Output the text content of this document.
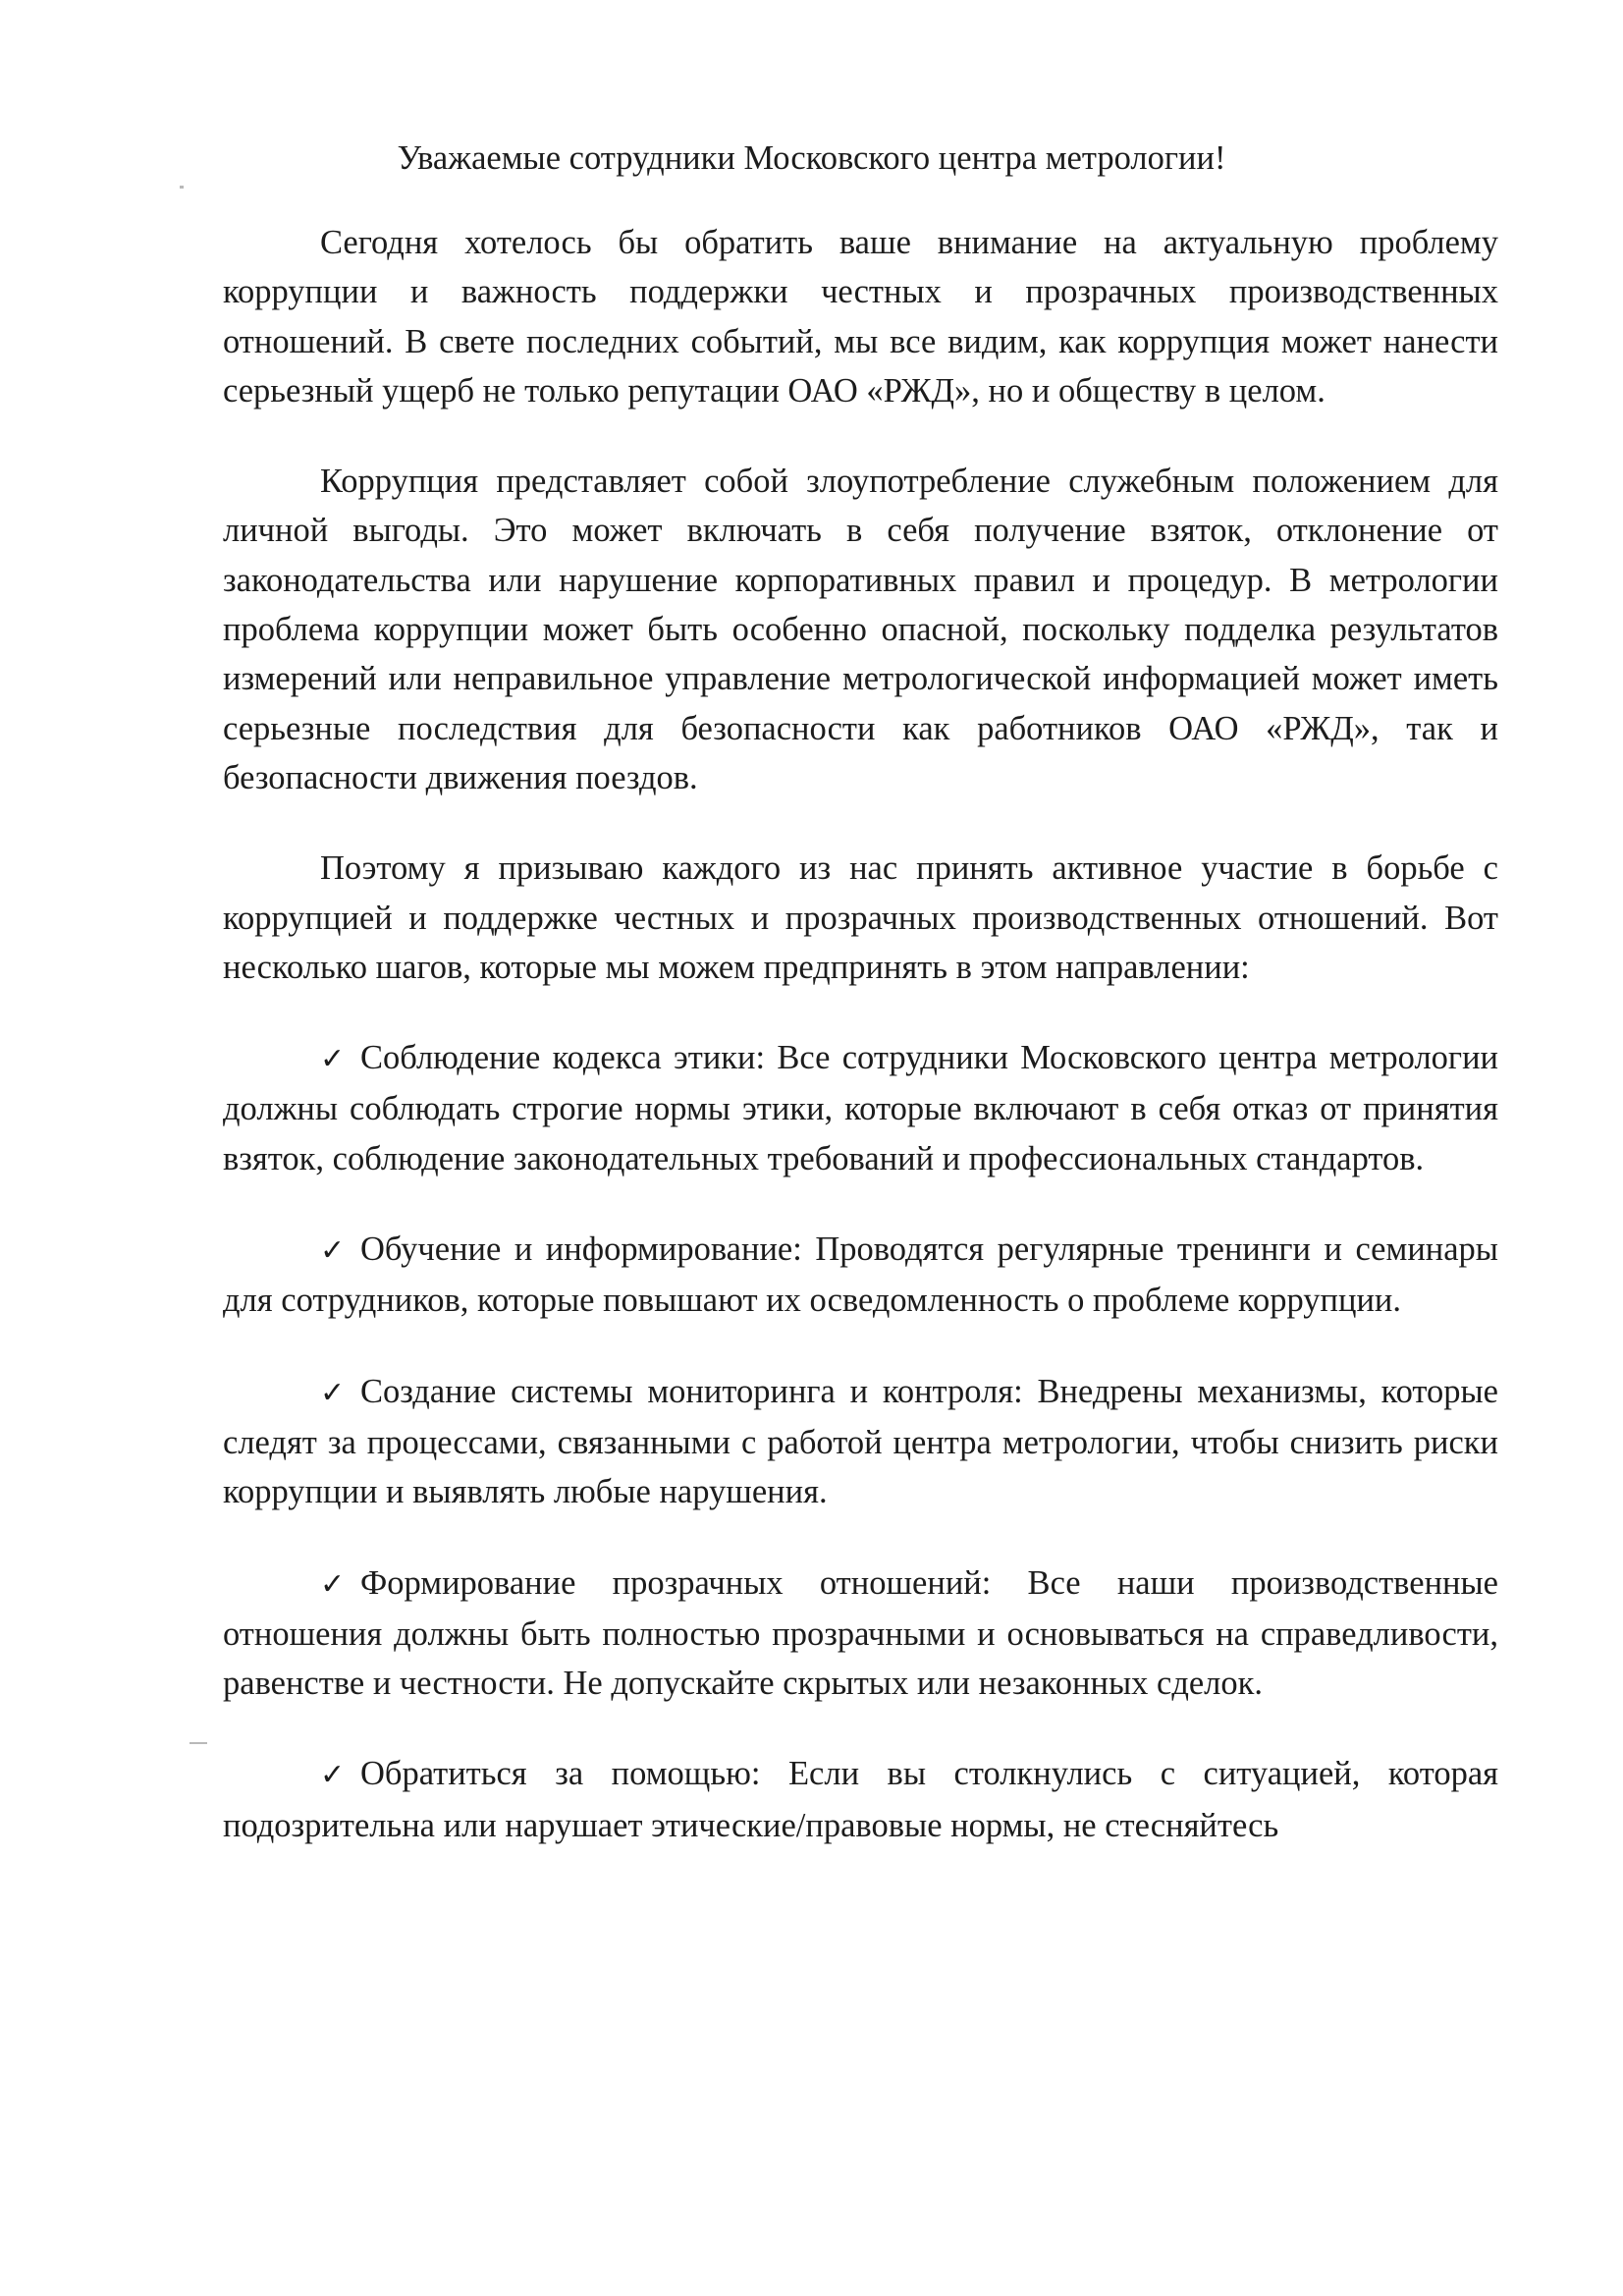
Уважаемые сотрудники Московского центра метрологии!

Сегодня хотелось бы обратить ваше внимание на актуальную проблему коррупции и важность поддержки честных и прозрачных производственных отношений. В свете последних событий, мы все видим, как коррупция может нанести серьезный ущерб не только репутации ОАО «РЖД», но и обществу в целом.

Коррупция представляет собой злоупотребление служебным положением для личной выгоды. Это может включать в себя получение взяток, отклонение от законодательства или нарушение корпоративных правил и процедур. В метрологии проблема коррупции может быть особенно опасной, поскольку подделка результатов измерений или неправильное управление метрологической информацией может иметь серьезные последствия для безопасности как работников ОАО «РЖД», так и безопасности движения поездов.

Поэтому я призываю каждого из нас принять активное участие в борьбе с коррупцией и поддержке честных и прозрачных производственных отношений. Вот несколько шагов, которые мы можем предпринять в этом направлении:

✓ Соблюдение кодекса этики: Все сотрудники Московского центра метрологии должны соблюдать строгие нормы этики, которые включают в себя отказ от принятия взяток, соблюдение законодательных требований и профессиональных стандартов.

✓ Обучение и информирование: Проводятся регулярные тренинги и семинары для сотрудников, которые повышают их осведомленность о проблеме коррупции.

✓ Создание системы мониторинга и контроля: Внедрены механизмы, которые следят за процессами, связанными с работой центра метрологии, чтобы снизить риски коррупции и выявлять любые нарушения.

✓ Формирование прозрачных отношений: Все наши производственные отношения должны быть полностью прозрачными и основываться на справедливости, равенстве и честности. Не допускайте скрытых или незаконных сделок.

✓ Обратиться за помощью: Если вы столкнулись с ситуацией, которая подозрительна или нарушает этические/правовые нормы, не стесняйтесь
